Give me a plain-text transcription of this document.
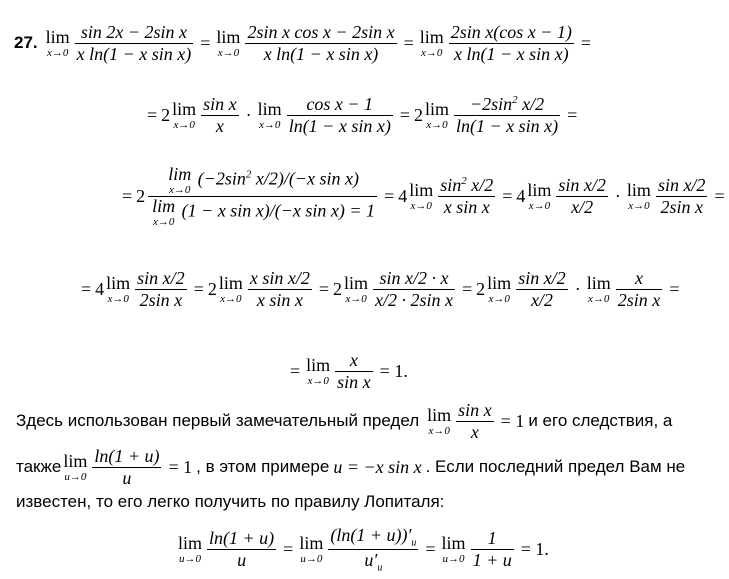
27. lim
$x\to 0 \frac{\text{sin 2x − 2sin x}}{\text{x ln(1 − x sin x)}} = \lim$
$x\to 0 \frac{\text{2sin x cos x − 2sin x}}{\text{x ln(1 − x sin x)}} = \lim$
$x\to 0 \frac{\text{2sin x(cos x − 1)}}{\text{x ln(1 − x sin x)}}$ =
= 2 lim
$x\to 0 \frac{\text{sin x}}{x} \cdot \lim$
$x\to 0 \frac{\text{cos x − 1}}{\text{ln(1 − x sin x)}} = 2$ lim
$x\to 0 \frac{-2\sin^2 x/2}{\text{ln(1 − x sin x)}}$ =
= 2 lim
x→0
($-2\sin^2$ x/2)/(−x sin x)
lim
x→0
(1 − x sin x)/(−x sin x) = 1 = 4 lim
$x\to 0 \frac{\sin^2 x/2}{\text{x sin x}} = 4$ lim
$x\to 0 \frac{\text{sin x/2}}{x/2} \cdot \lim$
$x\to 0 \frac{\text{sin x/2}}{\text{2sin x}}$ =
= 4 lim
$x\to 0 \frac{\text{sin x/2}}{\text{2sin x}} = 2$ lim
$x\to 0 \frac{\text{x sin x/2}}{\text{x sin x}} = 2$ lim
$x\to 0 \frac{\text{sin x/2 · x}}{\text{x/2 · 2sin x}} = 2$ lim
$x\to 0 \frac{\text{sin x/2}}{x/2} \cdot \lim$
$x\to 0 \frac{x}{\text{2sin x}}$ =
= lim
$x\to 0 \frac{x}{\text{sin x}} = 1$.
Здесь использован первый замечательный предел lim
$x\to 0 \frac{\text{sin x}}{x} = 1$ и его следствия, а
также lim
$u\to 0 \frac{\ln(1 + u)}{u} = 1$ , в этом примере u = −x sin x . Если последний предел Вам не
известен, то его легко получить по правилу Лопиталя:
lim
$u\to 0 \frac{\ln(1 + u)}{u} = \lim$
$u\to 0 \frac{(\ln(1 + u))'_u}{u'_u} = \lim$
$u\to 0 \frac{1}{1 + u} = 1$.
